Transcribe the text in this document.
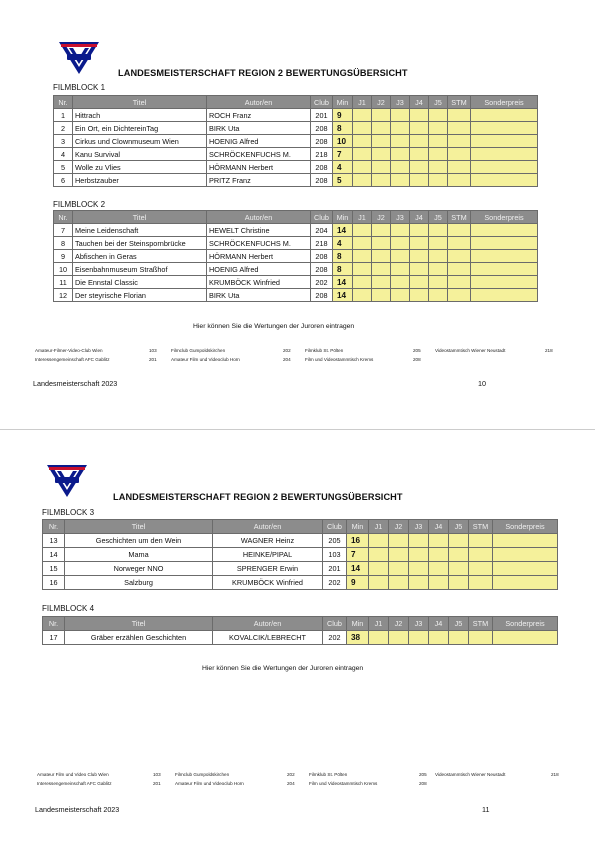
LANDESMEISTERSCHAFT REGION 2 BEWERTUNGSÜBERSICHT
FILMBLOCK 1
Nr.	Titel	Autor/en	Club	Min	J1	J2	J3	J4	J5	STM	Sonderpreis
1	Hittrach	ROCH Franz	201	9							
2	Ein Ort, ein DichtereinTag	BIRK Uta	208	8							
3	Cirkus und Clownmuseum Wien	HOENIG Alfred	208	10							
4	Kanu Survival	SCHRÖCKENFUCHS M.	218	7							
5	Wolle zu Vlies	HÖRMANN Herbert	208	4							
6	Herbstzauber	PRITZ Franz	208	5							
FILMBLOCK 2
Nr.	Titel	Autor/en	Club	Min	J1	J2	J3	J4	J5	STM	Sonderpreis
7	Meine Leidenschaft	HEWELT Christine	204	14							
8	Tauchen bei der Steinspornbrücke	SCHRÖCKENFUCHS M.	218	4							
9	Abfischen in Geras	HÖRMANN Herbert	208	8							
10	Eisenbahnmuseum Straßhof	HOENIG Alfred	208	8							
11	Die Ennstal Classic	KRUMBÖCK Winfried	202	14							
12	Der steyrische Florian	BIRK Uta	208	14							
Hier können Sie die Wertungen der Juroren eintragen
Amateur-Filmer-Video-Club Wien	103
Interessengemeinschaft AFC Gablitz	201
Filmclub Gumpoldskirchen	202
Amateur Film und Videoclub Horn	204
Filmklub St. Pölten	205
Film und Videostammtisch Krems	208
Videostammtisch Wiener Neustadt	218
Landesmeisterschaft 2023	10
LANDESMEISTERSCHAFT REGION 2 BEWERTUNGSÜBERSICHT
FILMBLOCK 3
Nr.	Titel	Autor/en	Club	Min	J1	J2	J3	J4	J5	STM	Sonderpreis
13	Geschichten um den Wein	WAGNER Heinz	205	16							
14	Mama	HEINKE/PIPAL	103	7							
15	Norweger NNO	SPRENGER Erwin	201	14							
16	Salzburg	KRUMBÖCK Winfried	202	9							
FILMBLOCK 4
Nr.	Titel	Autor/en	Club	Min	J1	J2	J3	J4	J5	STM	Sonderpreis
17	Gräber erzählen Geschichten	KOVALCIK/LEBRECHT	202	38							
Hier können Sie die Wertungen der Juroren eintragen
Amateur Film und Video Club Wien	103
Interessengemeinschaft AFC Gablitz	201
Filmclub Gumpoldskirchen	202
Amateur Film und Videoclub Horn	204
Filmklub St. Pölten	205
Film und Videostammtisch Krems	208
Videostammtisch Wiener Neustadt	218
Landesmeisterschaft 2023	11
